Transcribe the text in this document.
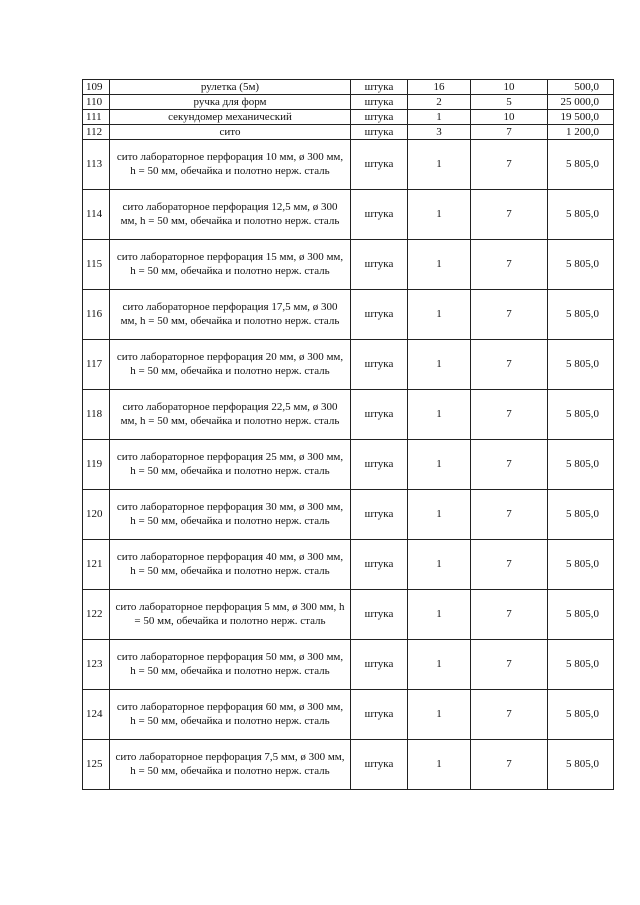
109	рулетка (5м)	штука	16	10	500,0
110	ручка для форм	штука	2	5	25 000,0
111	секундомер механический	штука	1	10	19 500,0
112	сито	штука	3	7	1 200,0
113	сито лабораторное перфорация 10 мм, ø 300 мм, h = 50 мм, обечайка и полотно нерж. сталь	штука	1	7	5 805,0
114	сито лабораторное перфорация 12,5 мм, ø 300 мм, h = 50 мм, обечайка и полотно нерж. сталь	штука	1	7	5 805,0
115	сито лабораторное перфорация 15 мм, ø 300 мм, h = 50 мм, обечайка и полотно нерж. сталь	штука	1	7	5 805,0
116	сито лабораторное перфорация 17,5 мм, ø 300 мм, h = 50 мм, обечайка и полотно нерж. сталь	штука	1	7	5 805,0
117	сито лабораторное перфорация 20 мм, ø 300 мм, h = 50 мм, обечайка и полотно нерж. сталь	штука	1	7	5 805,0
118	сито лабораторное перфорация 22,5 мм, ø 300 мм, h = 50 мм, обечайка и полотно нерж. сталь	штука	1	7	5 805,0
119	сито лабораторное перфорация 25 мм, ø 300 мм, h = 50 мм, обечайка и полотно нерж. сталь	штука	1	7	5 805,0
120	сито лабораторное перфорация 30 мм, ø 300 мм, h = 50 мм, обечайка и полотно нерж. сталь	штука	1	7	5 805,0
121	сито лабораторное перфорация 40 мм, ø 300 мм, h = 50 мм, обечайка и полотно нерж. сталь	штука	1	7	5 805,0
122	сито лабораторное перфорация 5 мм, ø 300 мм, h = 50 мм, обечайка и полотно нерж. сталь	штука	1	7	5 805,0
123	сито лабораторное перфорация 50 мм, ø 300 мм, h = 50 мм, обечайка и полотно нерж. сталь	штука	1	7	5 805,0
124	сито лабораторное перфорация 60 мм, ø 300 мм, h = 50 мм, обечайка и полотно нерж. сталь	штука	1	7	5 805,0
125	сито лабораторное перфорация 7,5 мм, ø 300 мм, h = 50 мм, обечайка и полотно нерж. сталь	штука	1	7	5 805,0
